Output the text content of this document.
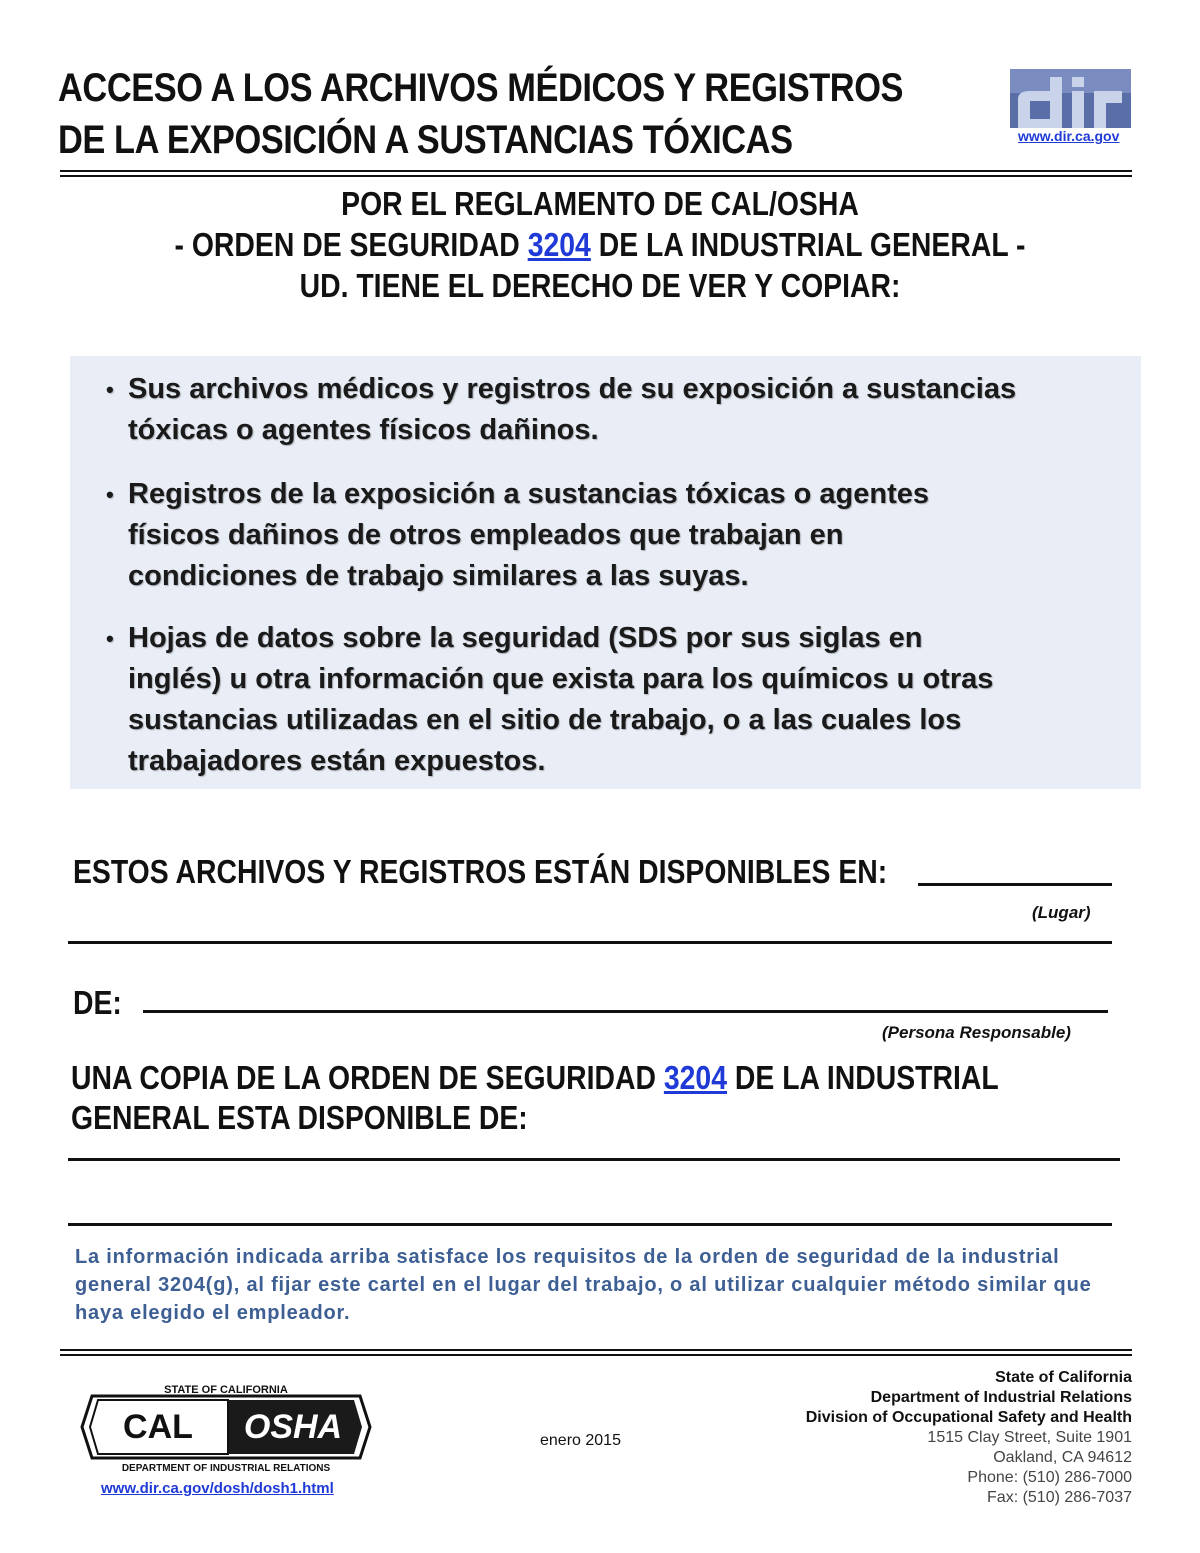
ACCESO A LOS ARCHIVOS MÉDICOS Y REGISTROS
DE LA EXPOSICIÓN A SUSTANCIAS TÓXICAS	www.dir.ca.gov
POR EL REGLAMENTO DE CAL/OSHA
- ORDEN DE SEGURIDAD 3204 DE LA INDUSTRIAL GENERAL -
UD. TIENE EL DERECHO DE VER Y COPIAR:
• Sus archivos médicos y registros de su exposición a sustancias
tóxicas o agentes físicos dañinos.
• Registros de la exposición a sustancias tóxicas o agentes
físicos dañinos de otros empleados que trabajan en
condiciones de trabajo similares a las suyas.
• Hojas de datos sobre la seguridad (SDS por sus siglas en
inglés) u otra información que exista para los químicos u otras
sustancias utilizadas en el sitio de trabajo, o a las cuales los
trabajadores están expuestos.
ESTOS ARCHIVOS Y REGISTROS ESTÁN DISPONIBLES EN:
(Lugar)
DE:
(Persona Responsable)
UNA COPIA DE LA ORDEN DE SEGURIDAD 3204 DE LA INDUSTRIAL
GENERAL ESTA DISPONIBLE DE:
La información indicada arriba satisface los requisitos de la orden de seguridad de la industrial general 3204(g), al fijar este cartel en el lugar del trabajo, o al utilizar cualquier método similar que haya elegido el empleador.
STATE OF CALIFORNIA
CAL OSHA
DEPARTMENT OF INDUSTRIAL RELATIONS
www.dir.ca.gov/dosh/dosh1.html
enero 2015
State of California
Department of Industrial Relations
Division of Occupational Safety and Health
1515 Clay Street, Suite 1901
Oakland, CA 94612
Phone: (510) 286-7000
Fax: (510) 286-7037
